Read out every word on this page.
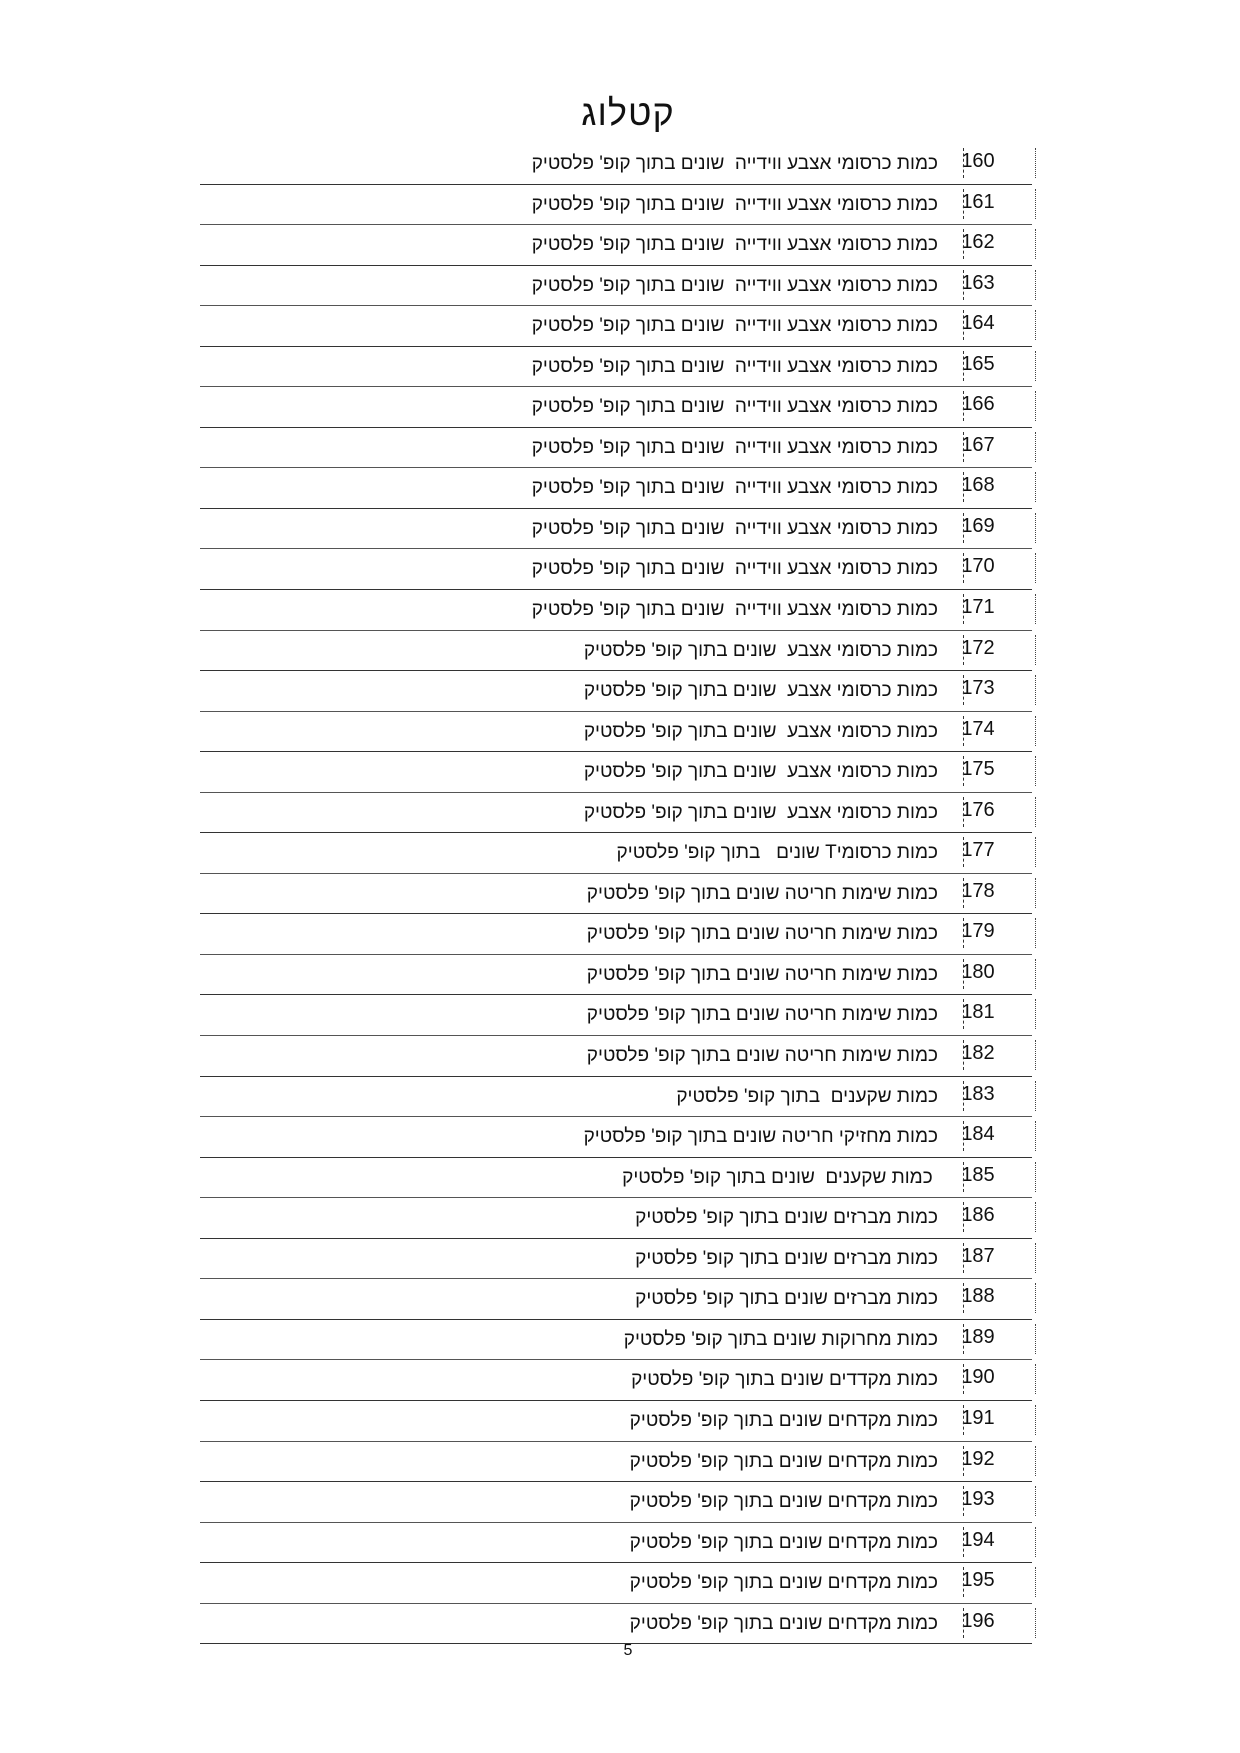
קטלוג
160
כמות כרסומי אצבע ווידייה  שונים בתוך קופ' פלסטיק
161
כמות כרסומי אצבע ווידייה  שונים בתוך קופ' פלסטיק
162
כמות כרסומי אצבע ווידייה  שונים בתוך קופ' פלסטיק
163
כמות כרסומי אצבע ווידייה  שונים בתוך קופ' פלסטיק
164
כמות כרסומי אצבע ווידייה  שונים בתוך קופ' פלסטיק
165
כמות כרסומי אצבע ווידייה  שונים בתוך קופ' פלסטיק
166
כמות כרסומי אצבע ווידייה  שונים בתוך קופ' פלסטיק
167
כמות כרסומי אצבע ווידייה  שונים בתוך קופ' פלסטיק
168
כמות כרסומי אצבע ווידייה  שונים בתוך קופ' פלסטיק
169
כמות כרסומי אצבע ווידייה  שונים בתוך קופ' פלסטיק
170
כמות כרסומי אצבע ווידייה  שונים בתוך קופ' פלסטיק
171
כמות כרסומי אצבע ווידייה  שונים בתוך קופ' פלסטיק
172
כמות כרסומי אצבע  שונים בתוך קופ' פלסטיק
173
כמות כרסומי אצבע  שונים בתוך קופ' פלסטיק
174
כמות כרסומי אצבע  שונים בתוך קופ' פלסטיק
175
כמות כרסומי אצבע  שונים בתוך קופ' פלסטיק
176
כמות כרסומי אצבע  שונים בתוך קופ' פלסטיק
177
כמות כרסומיT שונים   בתוך קופ' פלסטיק
178
כמות שימות חריטה שונים בתוך קופ' פלסטיק
179
כמות שימות חריטה שונים בתוך קופ' פלסטיק
180
כמות שימות חריטה שונים בתוך קופ' פלסטיק
181
כמות שימות חריטה שונים בתוך קופ' פלסטיק
182
כמות שימות חריטה שונים בתוך קופ' פלסטיק
183
כמות שקענים  בתוך קופ' פלסטיק
184
כמות מחזיקי חריטה שונים בתוך קופ' פלסטיק
185
כמות שקענים  שונים בתוך קופ' פלסטיק
186
כמות מברזים שונים בתוך קופ' פלסטיק
187
כמות מברזים שונים בתוך קופ' פלסטיק
188
כמות מברזים שונים בתוך קופ' פלסטיק
189
כמות מחרוקות שונים בתוך קופ' פלסטיק
190
כמות מקדדים שונים בתוך קופ' פלסטיק
191
כמות מקדחים שונים בתוך קופ' פלסטיק
192
כמות מקדחים שונים בתוך קופ' פלסטיק
193
כמות מקדחים שונים בתוך קופ' פלסטיק
194
כמות מקדחים שונים בתוך קופ' פלסטיק
195
כמות מקדחים שונים בתוך קופ' פלסטיק
196
כמות מקדחים שונים בתוך קופ' פלסטיק
5
